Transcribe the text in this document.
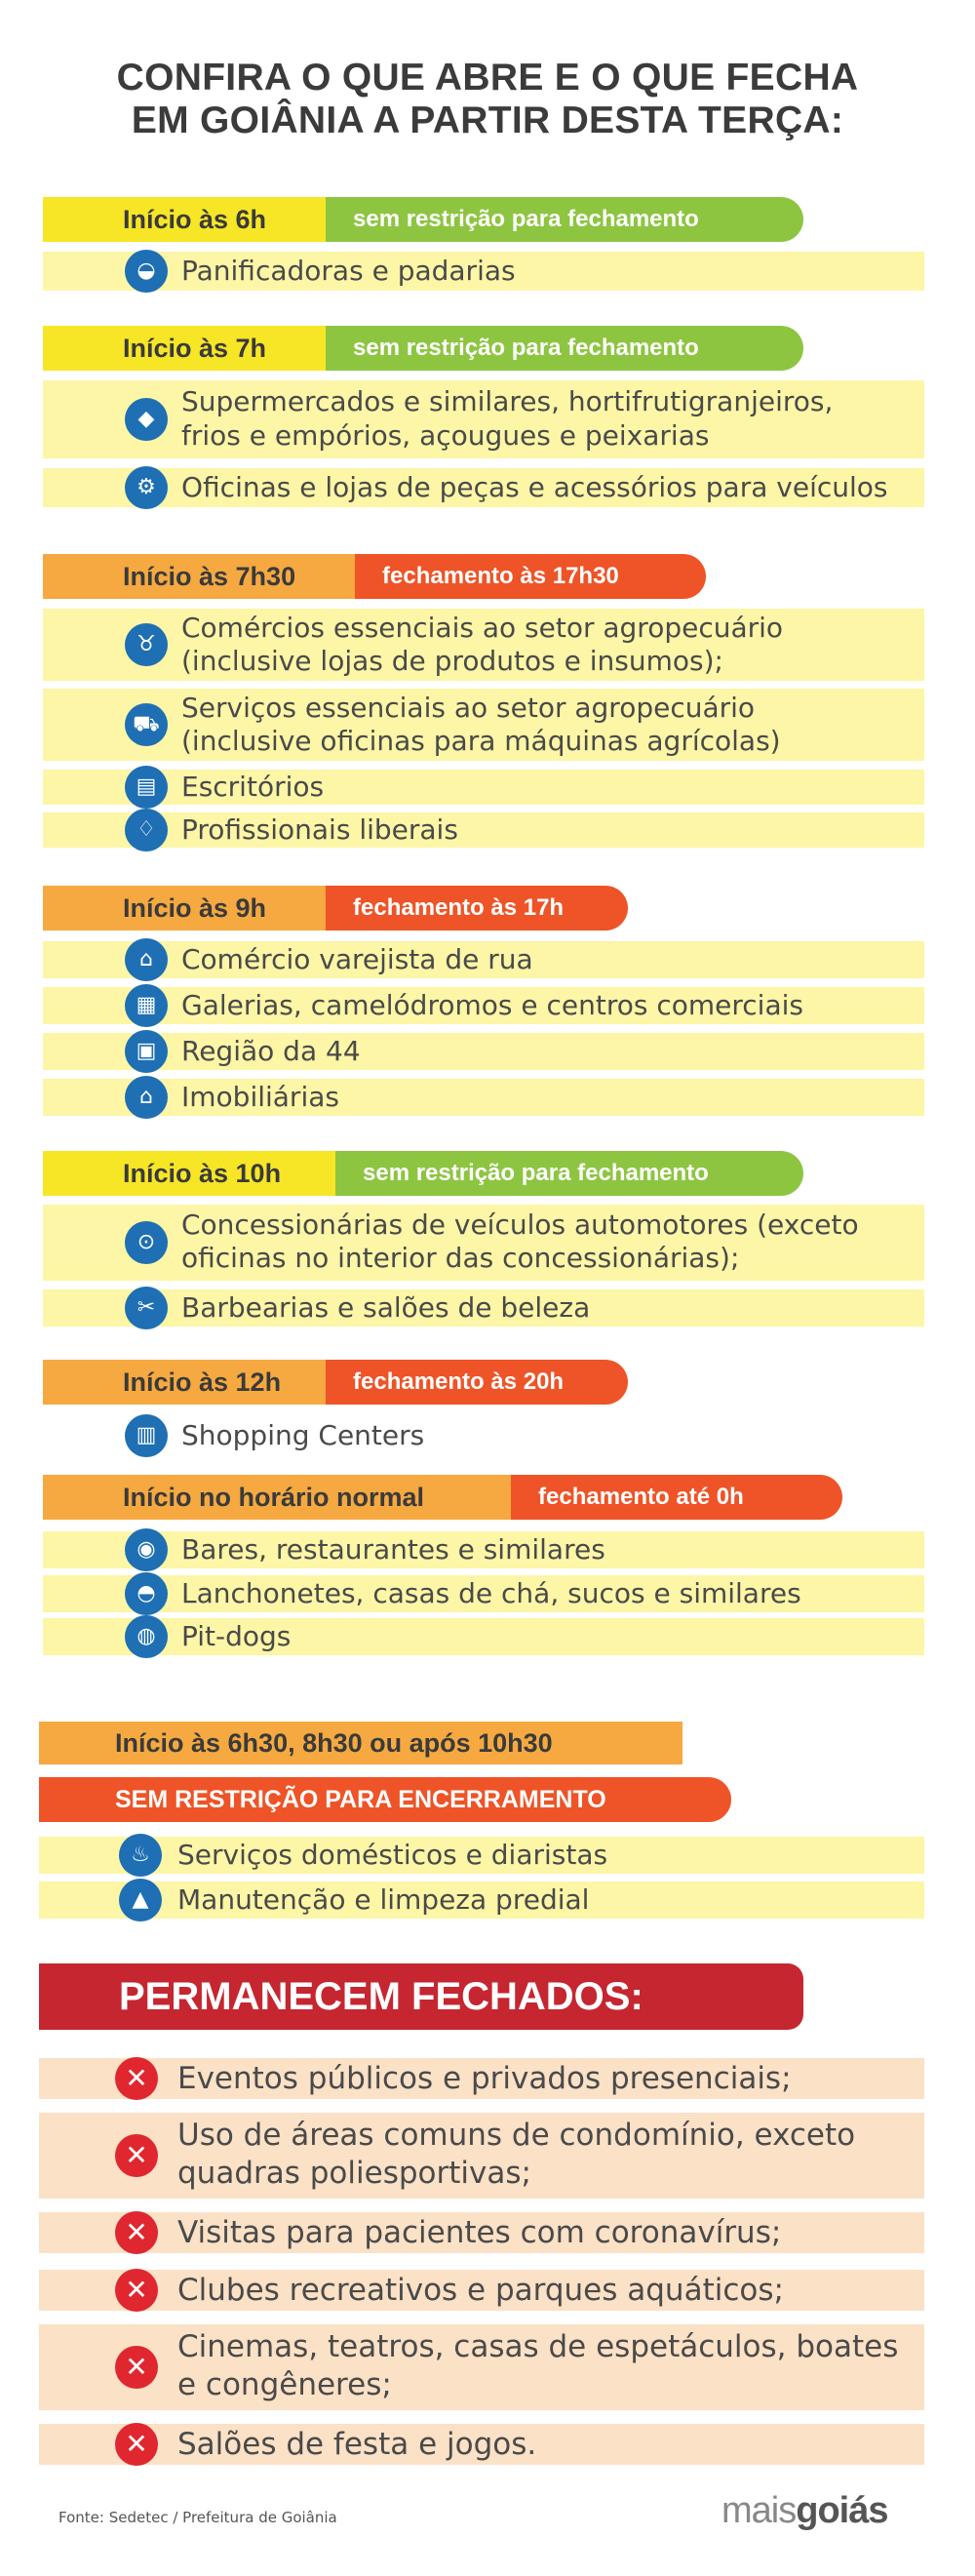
CONFIRA O QUE ABRE E O QUE FECHA
EM GOIÂNIA A PARTIR DESTA TERÇA:
Início às 6h	sem restrição para fechamento
◒ Panificadoras e padarias
Início às 7h	sem restrição para fechamento
◆
Supermercados e similares, hortifrutigranjeiros,
frios e empórios, açougues e peixarias
⚙ Oficinas e lojas de peças e acessórios para veículos
Início às 7h30	fechamento às 17h30
♉
Comércios essenciais ao setor agropecuário
(inclusive lojas de produtos e insumos);
⛟
Serviços essenciais ao setor agropecuário
(inclusive oficinas para máquinas agrícolas)
▤ Escritórios
♢ Profissionais liberais
Início às 9h	fechamento às 17h
⌂	Comércio varejista de rua
▦ Galerias, camelódromos e centros comerciais
▣ Região da 44
⌂	Imobiliárias
Início às 10h	sem restrição para fechamento
⊙
Concessionárias de veículos automotores (exceto
oficinas no interior das concessionárias);
✂ Barbearias e salões de beleza
Início às 12h	fechamento às 20h
▥ Shopping Centers
Início no horário normal	fechamento até 0h
◉ Bares, restaurantes e similares
◓ Lanchonetes, casas de chá, sucos e similares
◍ Pit-dogs
Início às 6h30, 8h30 ou após 10h30
SEM RESTRIÇÃO PARA ENCERRAMENTO
♨	Serviços domésticos e diaristas
▲	Manutenção e limpeza predial
PERMANECEM FECHADOS:
✕ Eventos públicos e privados presenciais;
✕
Uso de áreas comuns de condomínio, exceto
quadras poliesportivas;
✕ Visitas para pacientes com coronavírus;
✕ Clubes recreativos e parques aquáticos;
✕
Cinemas, teatros, casas de espetáculos, boates
e congêneres;
✕ Salões de festa e jogos.
Fonte: Sedetec / Prefeitura de Goiânia	maisgoiás
